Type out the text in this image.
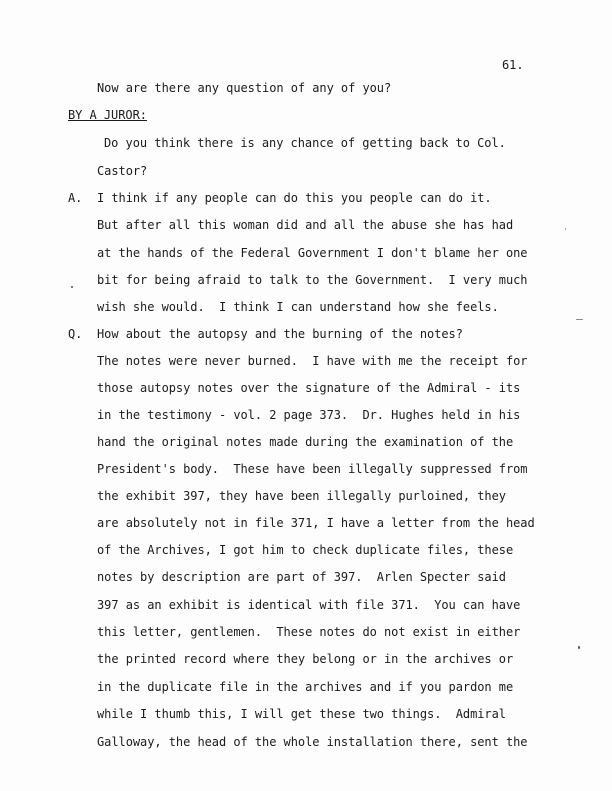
61.
Now are there any question of any of you?
BY A JUROR:
Do you think there is any chance of getting back to Col.
Castor?
A. I think if any people can do this you people can do it.
But after all this woman did and all the abuse she has had
at the hands of the Federal Government I don't blame her one
bit for being afraid to talk to the Government.  I very much
wish she would.  I think I can understand how she feels.
Q. How about the autopsy and the burning of the notes?
The notes were never burned.  I have with me the receipt for
those autopsy notes over the signature of the Admiral - its
in the testimony - vol. 2 page 373.  Dr. Hughes held in his
hand the original notes made during the examination of the
President's body.  These have been illegally suppressed from
the exhibit 397, they have been illegally purloined, they
are absolutely not in file 371, I have a letter from the head
of the Archives, I got him to check duplicate files, these
notes by description are part of 397.  Arlen Specter said
397 as an exhibit is identical with file 371.  You can have
this letter, gentlemen.  These notes do not exist in either
the printed record where they belong or in the archives or
in the duplicate file in the archives and if you pardon me
while I thumb this, I will get these two things.  Admiral
Galloway, the head of the whole installation there, sent the
